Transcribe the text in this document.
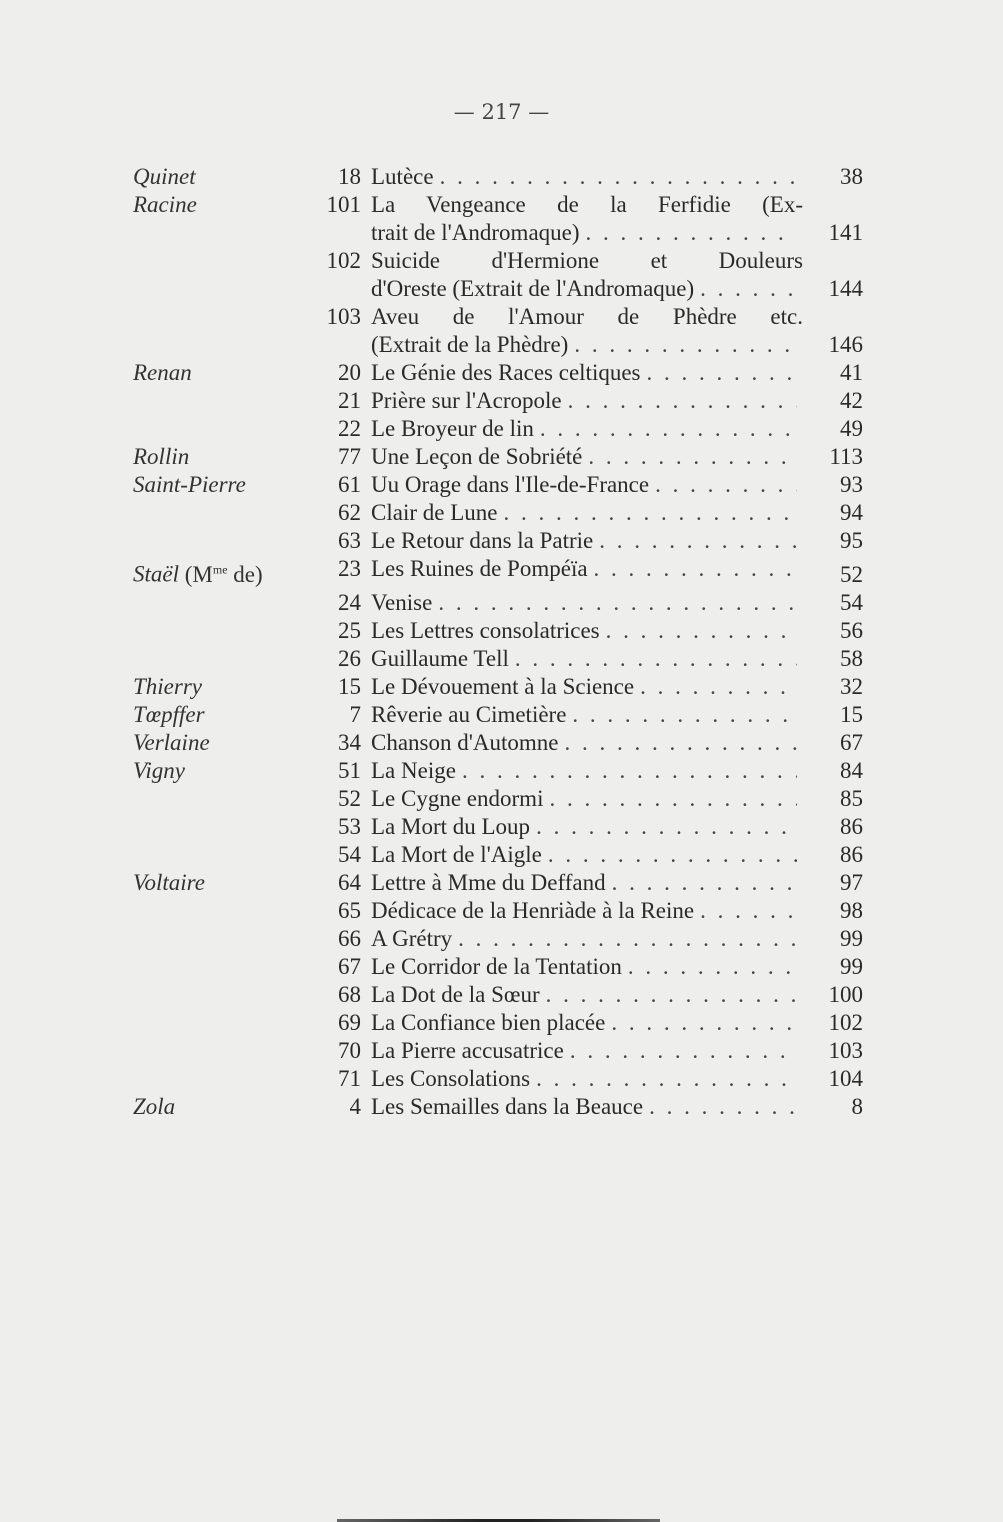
— 217 —
Quinet	18 Lutèce . . .	38
Racine	101 La Vengeance de la Ferfidie (Ex-
trait de l'Andromaque) . . .	141
102 Suicide d'Hermione et Douleurs
d'Oreste (Extrait de l'Andromaque) . . .	144
103 Aveu de l'Amour de Phèdre etc.
(Extrait de la Phèdre) . . .	146
Renan	20 Le Génie des Races celtiques . . .	41
21 Prière sur l'Acropole . . .	42
22 Le Broyeur de lin . . .	49
Rollin	77 Une Leçon de Sobriété . . .	113
Saint-Pierre	61 Uu Orage dans l'Ile-de-France . . .	93
62 Clair de Lune . . .	94
63 Le Retour dans la Patrie . . .	95
Staël ($M^{me}$ de)	23 Les Ruines de Pompéïa . . .	52
24 Venise . . .	54
25 Les Lettres consolatrices . . .	56
26 Guillaume Tell . . .	58
Thierry	15 Le Dévouement à la Science . . .	32
Tœpffer	7 Rêverie au Cimetière . . .	15
Verlaine	34 Chanson d'Automne . . .	67
Vigny	51 La Neige . . .	84
52 Le Cygne endormi . . .	85
53 La Mort du Loup . . .	86
54 La Mort de l'Aigle . . .	86
Voltaire	64 Lettre à Mme du Deffand . . .	97
65 Dédicace de la Henriàde à la Reine . . .	98
66 A Grétry . . .	99
67 Le Corridor de la Tentation . . .	99
68 La Dot de la Sœur . . .	100
69 La Confiance bien placée . . .	102
70 La Pierre accusatrice . . .	103
71 Les Consolations . . .	104
Zola	4 Les Semailles dans la Beauce . . .	8
